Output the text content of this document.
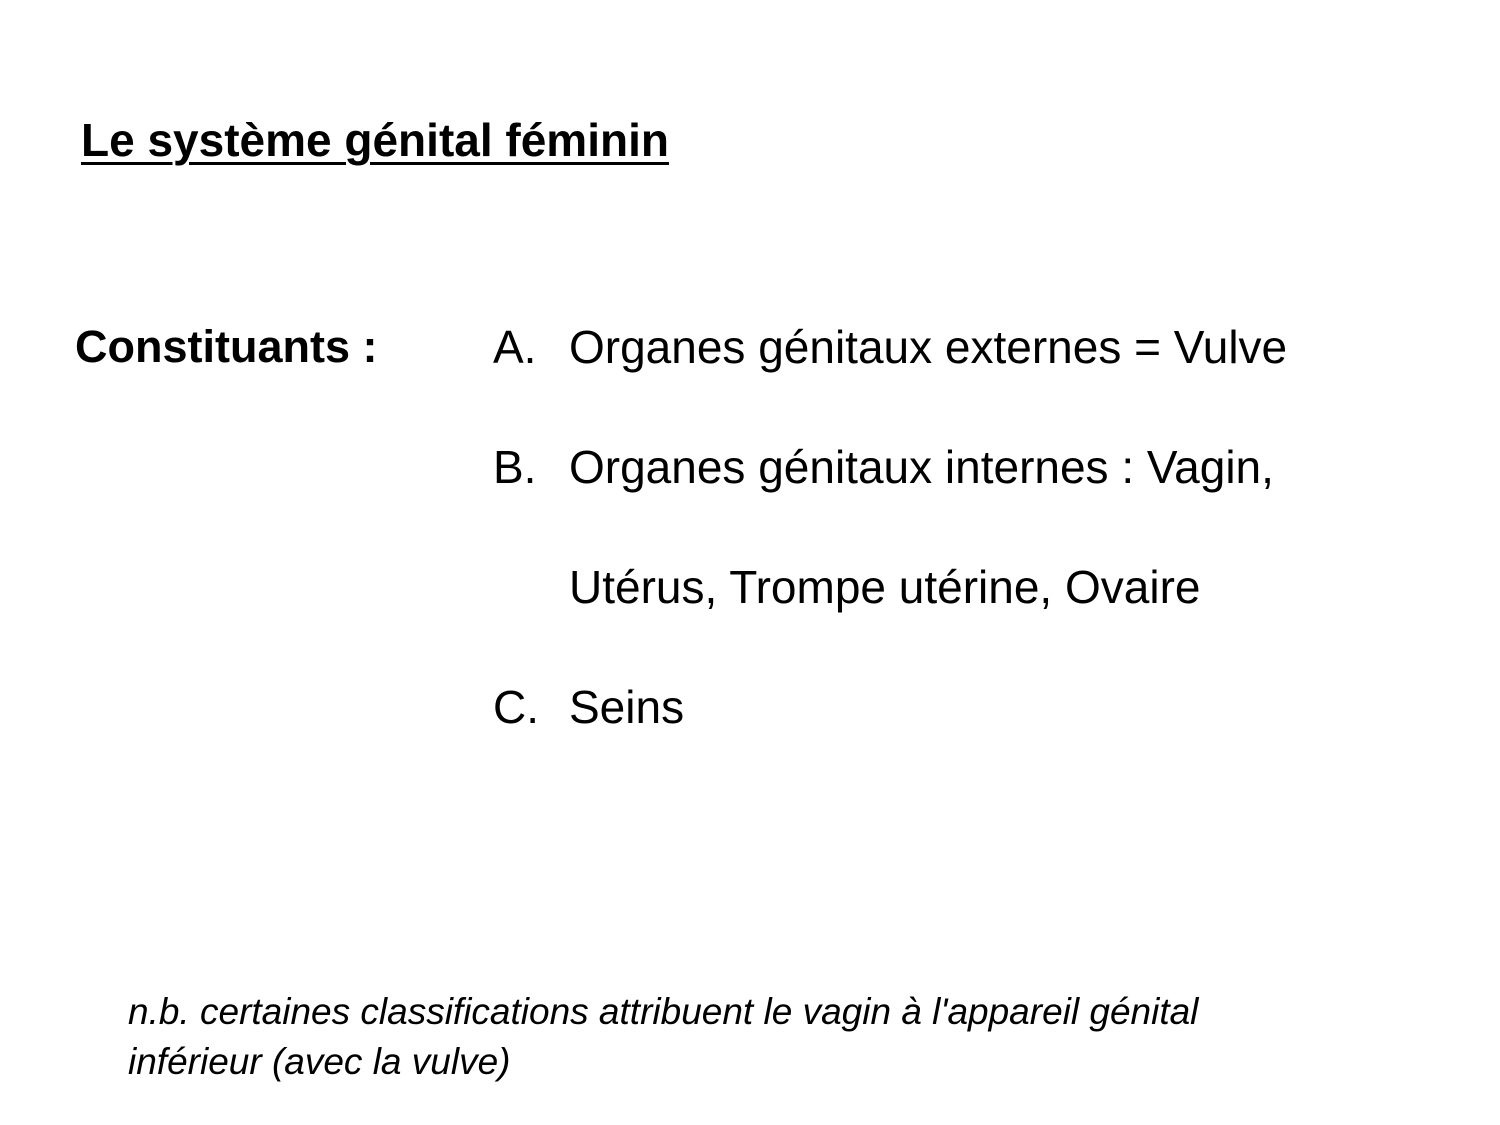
Le système génital féminin
Constituants :	A. Organes génitaux externes = Vulve
B. Organes génitaux internes : Vagin,
Utérus, Trompe utérine, Ovaire
C. Seins
n.b. certaines classifications attribuent le vagin à l'appareil génital
inférieur (avec la vulve)
